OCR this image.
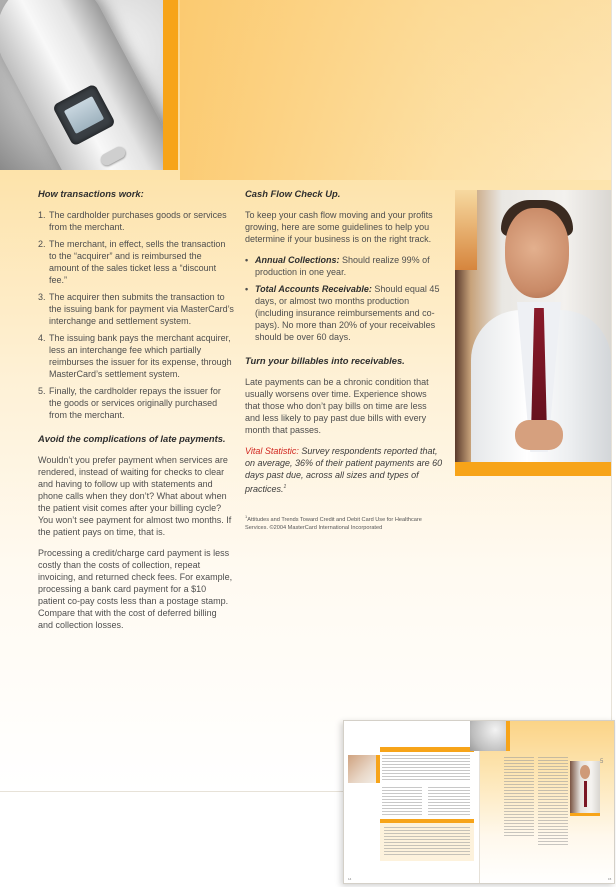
How transactions work:
1. The cardholder purchases goods or services from the merchant.
2. The merchant, in effect, sells the transaction to the “acquirer” and is reimbursed the amount of the sales ticket less a “discount fee.”
3. The acquirer then submits the transaction to the issuing bank for payment via MasterCard’s interchange and settlement system.
4. The issuing bank pays the merchant acquirer, less an interchange fee which partially reimburses the issuer for its expense, through MasterCard’s settlement system.
5. Finally, the cardholder repays the issuer for the goods or services originally purchased from the merchant.
Avoid the complications of late payments.

Wouldn’t you prefer payment when services are rendered, instead of waiting for checks to clear and having to follow up with statements and phone calls when they don’t? What about when the patient visit comes after your billing cycle? You won’t see payment for almost two months. If the patient pays on time, that is.

Processing a credit/charge card payment is less costly than the costs of collection, repeat invoicing, and returned check fees. For example, processing a bank card payment for a $10 patient co-pay costs less than a postage stamp. Compare that with the cost of deferred billing and collection losses.

Cash Flow Check Up.

To keep your cash flow moving and your profits growing, here are some guidelines to help you determine if your business is on the right track.

• Annual Collections: Should realize 99% of production in one year.
• Total Accounts Receivable: Should equal 45 days, or almost two months production (including insurance reimbursements and co-pays). No more than 20% of your receivables should be over 60 days.
Turn your billables into receivables.

Late payments can be a chronic condition that usually worsens over time. Experience shows that those who don’t pay bills on time are less and less likely to pay past due bills with every month that passes.

Vital Statistic: Survey respondents reported that, on average, 36% of their patient payments are 60 days past due, across all sizes and types of practices.$^1$

$^1$Attitudes and Trends Toward Credit and Debit Card Use for Healthcare Services. ©2004 MasterCard International Incorporated

14	15
5
